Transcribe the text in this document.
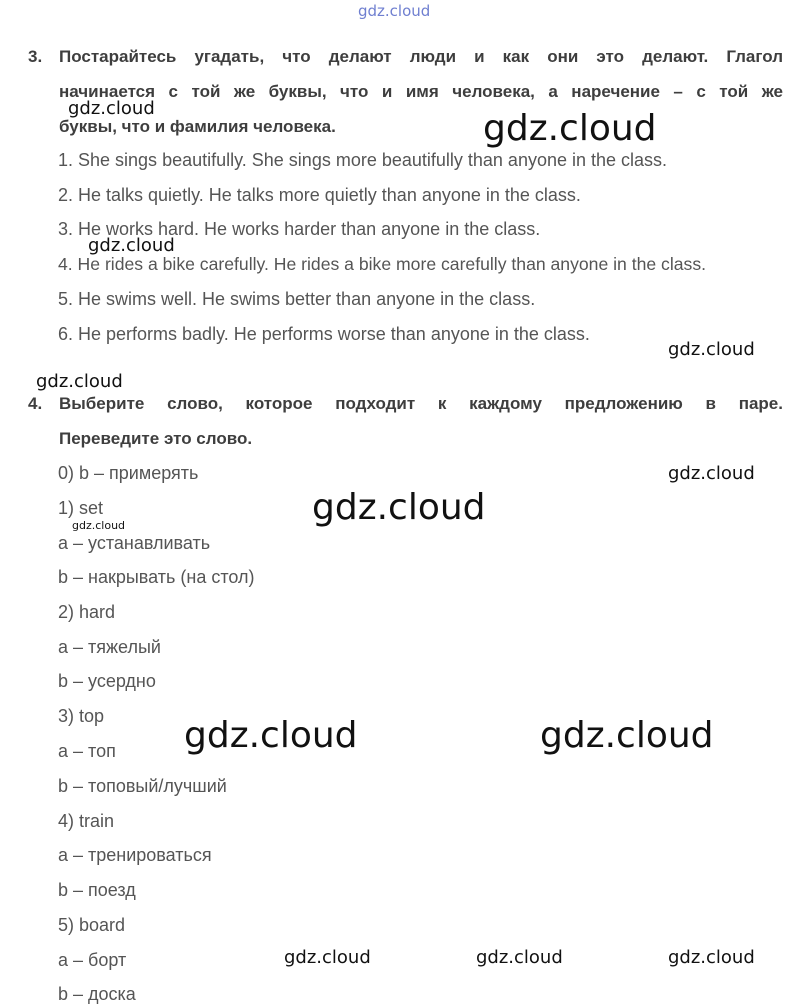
gdz.cloud
3. Постарайтесь угадать, что делают люди и как они это делают. Глагол
начинается с той же буквы, что и имя человека, а наречение – с той же
буквы, что и фамилия человека.
1. She sings beautifully. She sings more beautifully than anyone in the class.
2. He talks quietly. He talks more quietly than anyone in the class.
3. He works hard. He works harder than anyone in the class.
4. He rides a bike carefully. He rides a bike more carefully than anyone in the class.
5. He swims well. He swims better than anyone in the class.
6. He performs badly. He performs worse than anyone in the class.
4. Выберите слово, которое подходит к каждому предложению в паре.
Переведите это слово.
0) b – примерять
1) set
a – устанавливать
b – накрывать (на стол)
2) hard
a – тяжелый
b – усердно
3) top
a – топ
b – топовый/лучший
4) train
a – тренироваться
b – поезд
5) board
a – борт
b – доска
gdz.cloud	gdz.cloud
gdz.cloud
gdz.cloud
gdz.cloud
gdz.cloud
gdz.cloud
gdz.cloud
gdz.cloud	gdz.cloud
gdz.cloud	gdz.cloud	gdz.cloud
